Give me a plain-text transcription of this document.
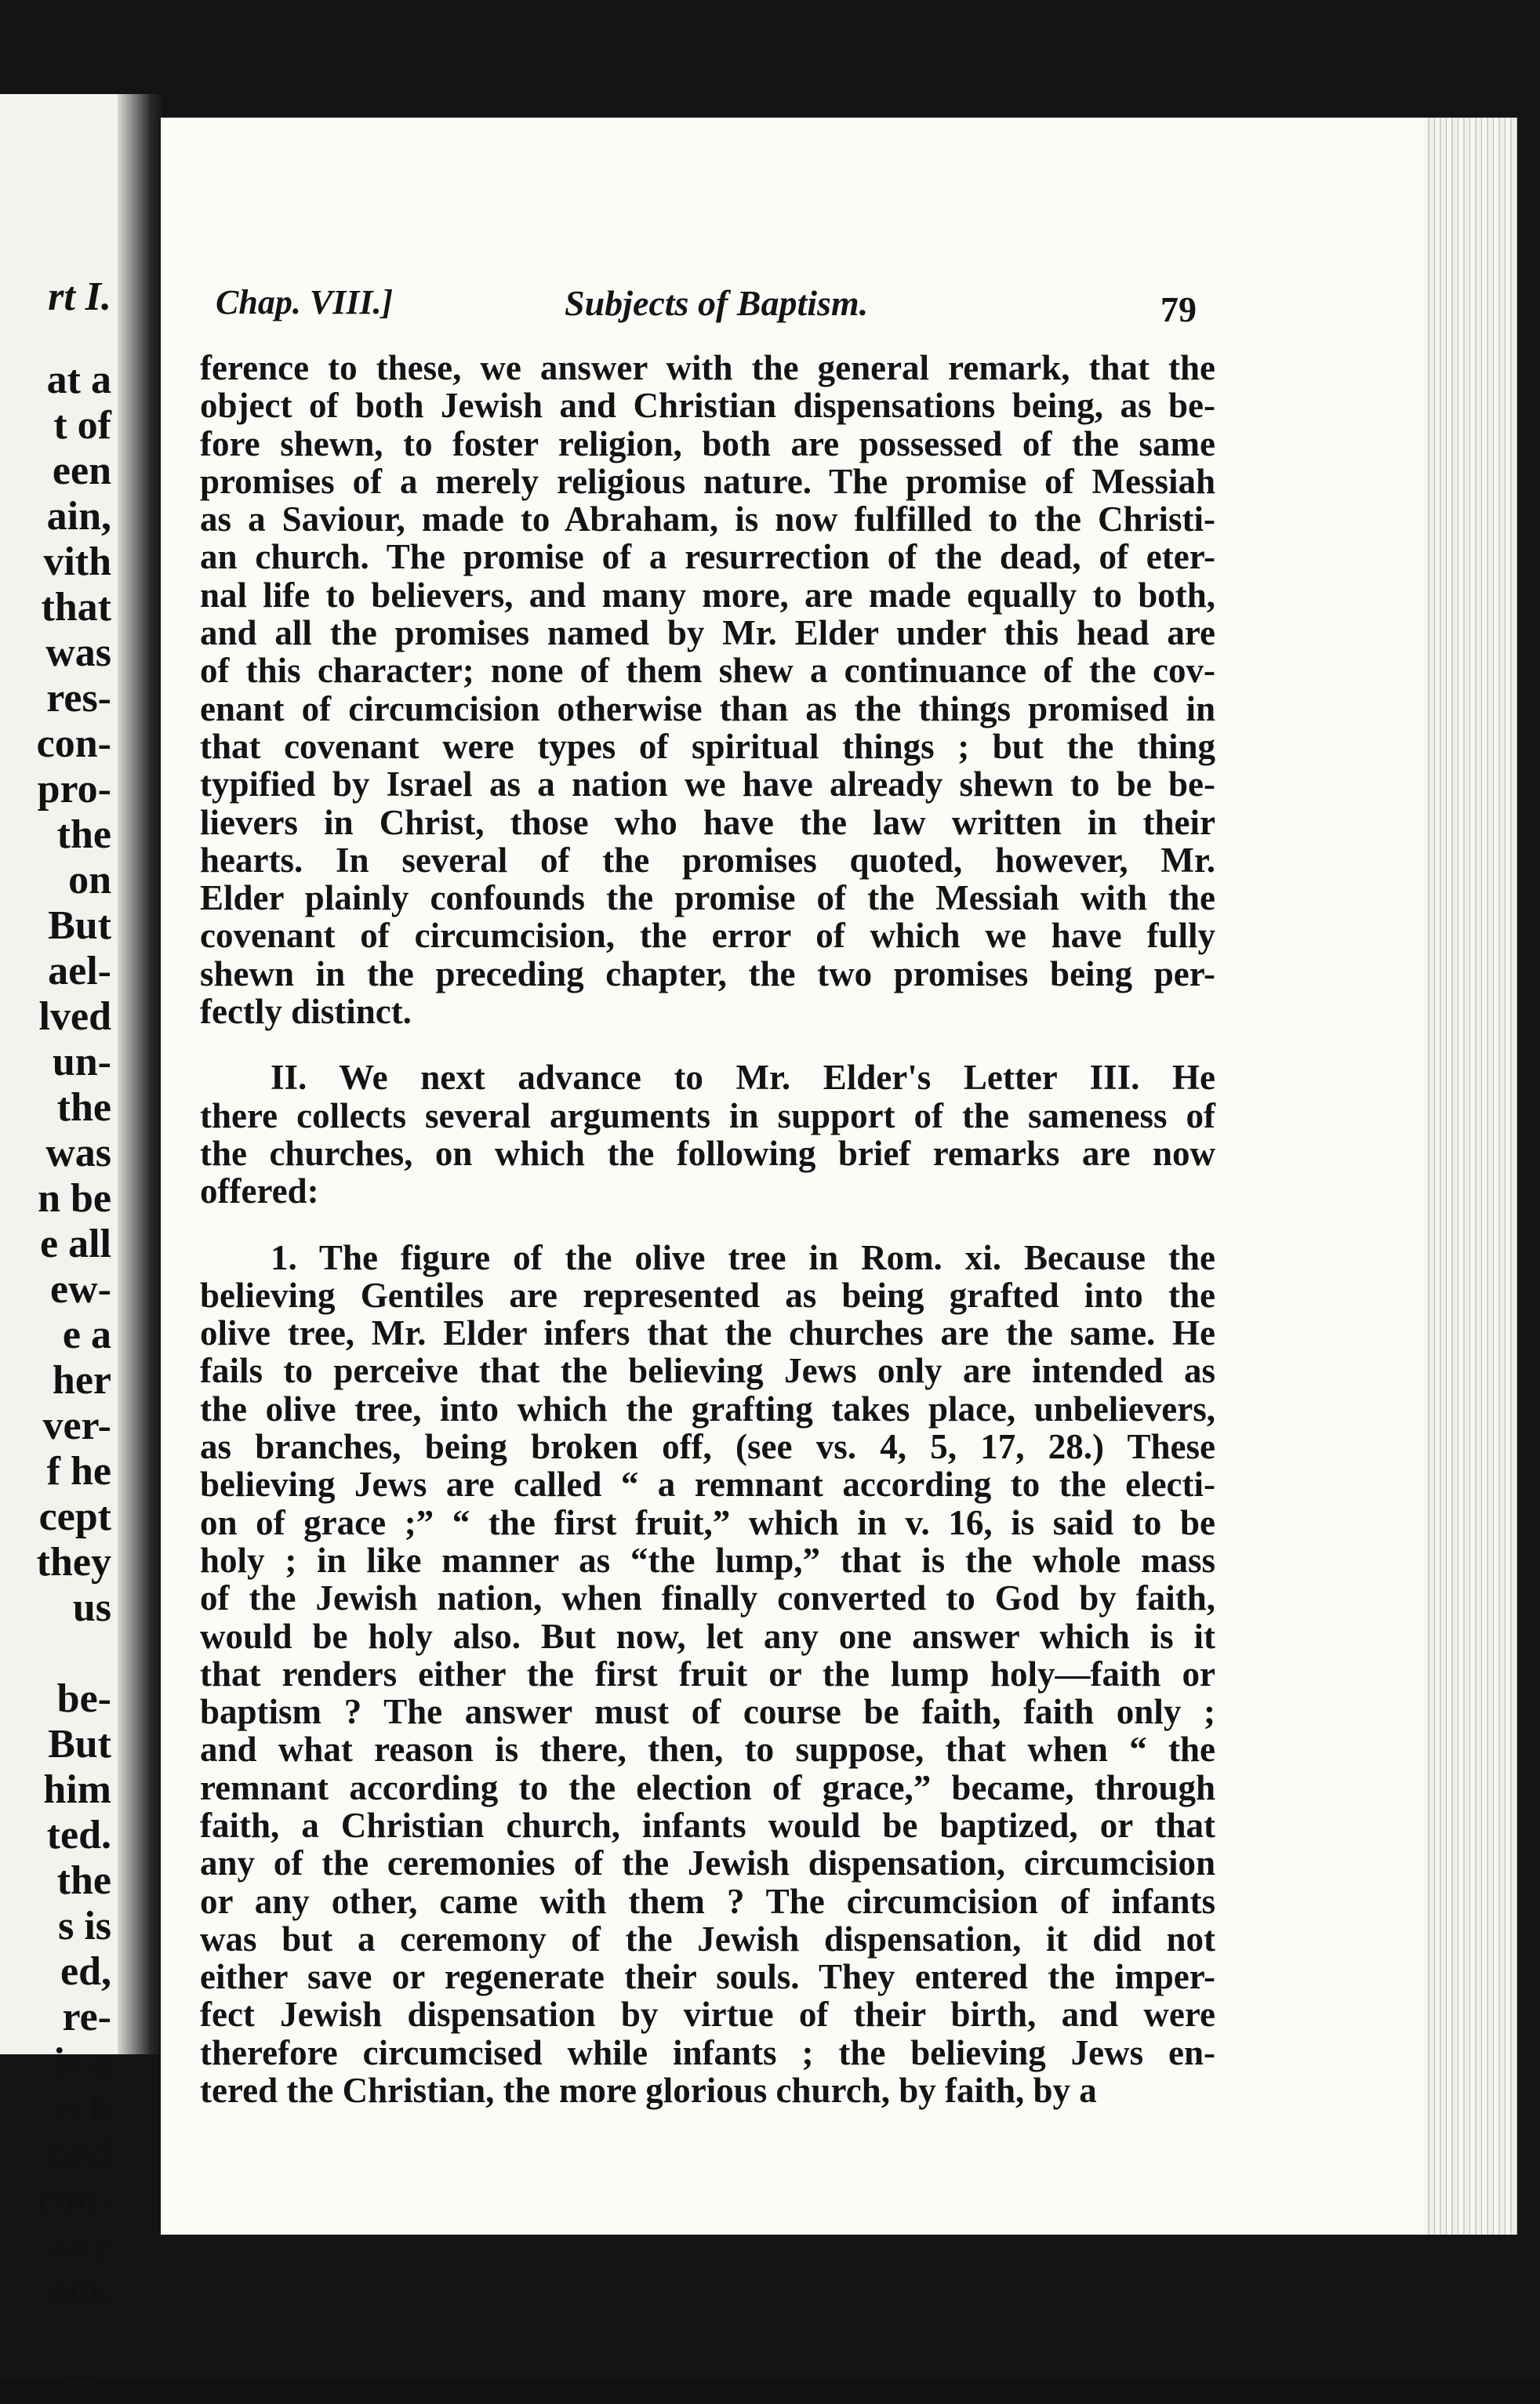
rt I.
at a
t of
een
ain,
vith
that
was
res-
con-
pro-
the
on
But
ael-
lved
un-
the
was
n be
e all
ew-
e a
her
ver-
f he
cept
they
us

be-
But
him
ted.
the
s is
ed,
re-
is a
rch
ned
con-
any
em.

re-
Chap. VIII.]	Subjects of Baptism.	79
ference to these, we answer with the general remark, that the
object of both Jewish and Christian dispensations being, as be-
fore shewn, to foster religion, both are possessed of the same
promises of a merely religious nature. The promise of Messiah
as a Saviour, made to Abraham, is now fulfilled to the Christi-
an church. The promise of a resurrection of the dead, of eter-
nal life to believers, and many more, are made equally to both,
and all the promises named by Mr. Elder under this head are
of this character; none of them shew a continuance of the cov-
enant of circumcision otherwise than as the things promised in
that covenant were types of spiritual things ; but the thing
typified by Israel as a nation we have already shewn to be be-
lievers in Christ, those who have the law written in their
hearts. In several of the promises quoted, however, Mr.
Elder plainly confounds the promise of the Messiah with the
covenant of circumcision, the error of which we have fully
shewn in the preceding chapter, the two promises being per-
fectly distinct.
II. We next advance to Mr. Elder's Letter III. He
there collects several arguments in support of the sameness of
the churches, on which the following brief remarks are now
offered:
1. The figure of the olive tree in Rom. xi. Because the
believing Gentiles are represented as being grafted into the
olive tree, Mr. Elder infers that the churches are the same. He
fails to perceive that the believing Jews only are intended as
the olive tree, into which the grafting takes place, unbelievers,
as branches, being broken off, (see vs. 4, 5, 17, 28.) These
believing Jews are called “ a remnant according to the electi-
on of grace ;” “ the first fruit,” which in v. 16, is said to be
holy ; in like manner as “the lump,” that is the whole mass
of the Jewish nation, when finally converted to God by faith,
would be holy also. But now, let any one answer which is it
that renders either the first fruit or the lump holy—faith or
baptism ? The answer must of course be faith, faith only ;
and what reason is there, then, to suppose, that when “ the
remnant according to the election of grace,” became, through
faith, a Christian church, infants would be baptized, or that
any of the ceremonies of the Jewish dispensation, circumcision
or any other, came with them ? The circumcision of infants
was but a ceremony of the Jewish dispensation, it did not
either save or regenerate their souls. They entered the imper-
fect Jewish dispensation by virtue of their birth, and were
therefore circumcised while infants ; the believing Jews en-
tered the Christian, the more glorious church, by faith, by a
